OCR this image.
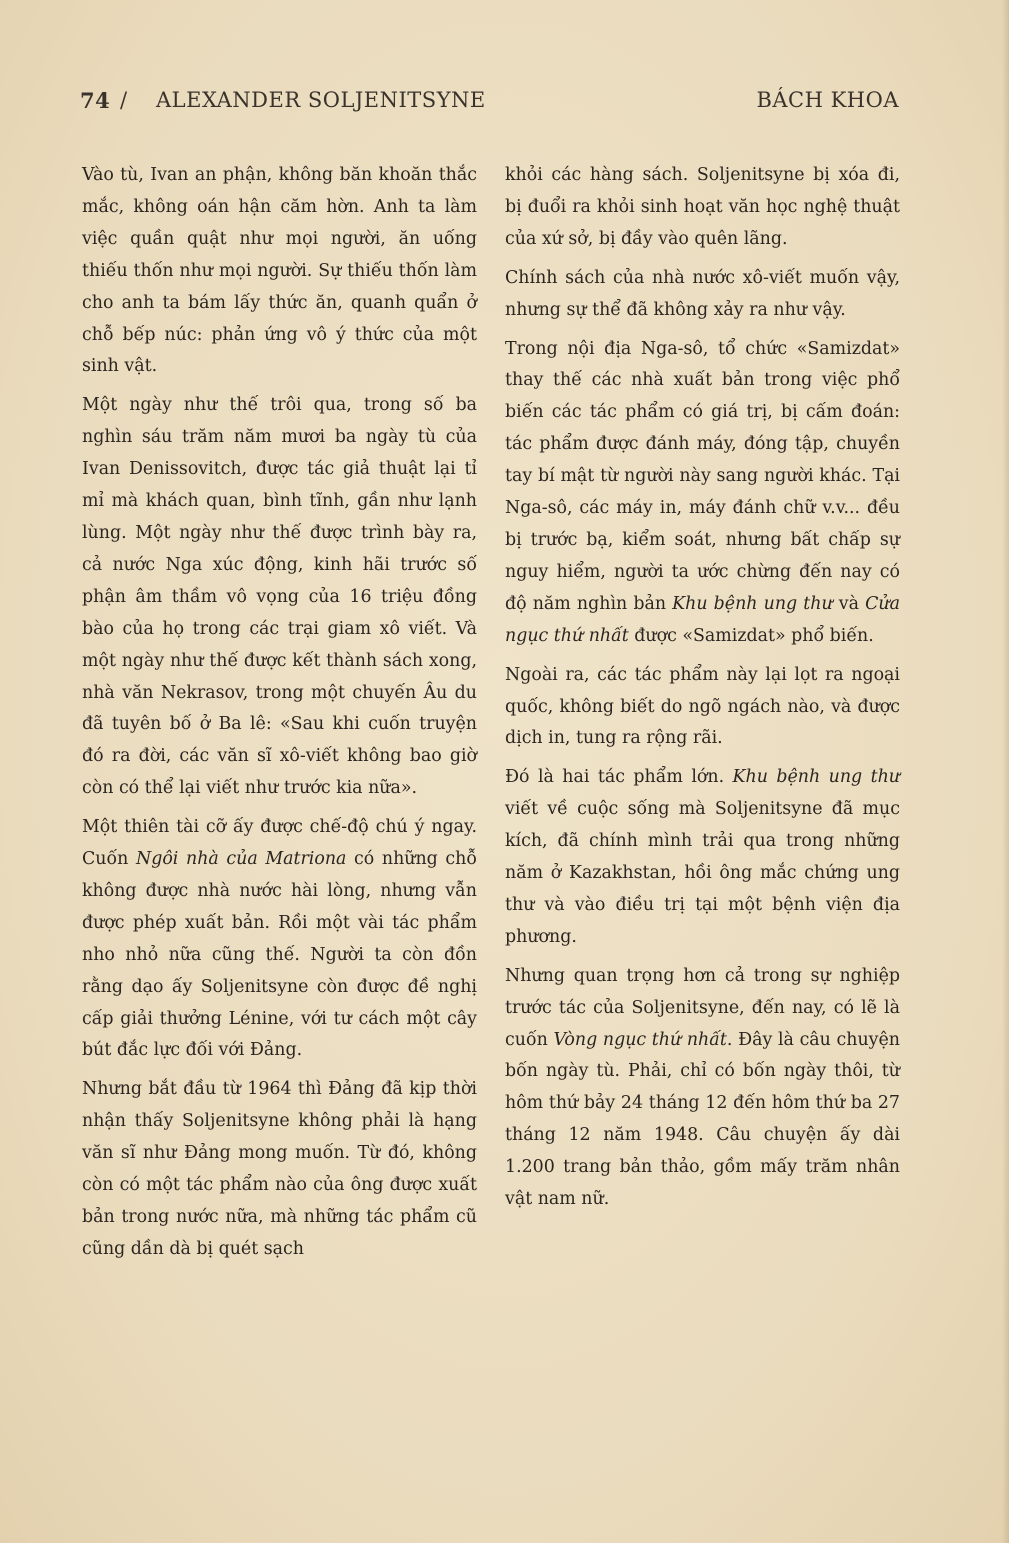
74 / ALEXANDER SOLJENITSYNE	BÁCH KHOA

Vào tù, Ivan an phận, không băn khoăn thắc mắc, không oán hận căm hờn. Anh ta làm việc quần quật như mọi người, ăn uống thiếu thốn như mọi người. Sự thiếu thốn làm cho anh ta bám lấy thức ăn, quanh quẩn ở chỗ bếp núc: phản ứng vô ý thức của một sinh vật.

Một ngày như thế trôi qua, trong số ba nghìn sáu trăm năm mươi ba ngày tù của Ivan Denissovitch, được tác giả thuật lại tỉ mỉ mà khách quan, bình tĩnh, gần như lạnh lùng. Một ngày như thế được trình bày ra, cả nước Nga xúc động, kinh hãi trước số phận âm thầm vô vọng của 16 triệu đồng bào của họ trong các trại giam xô viết. Và một ngày như thế được kết thành sách xong, nhà văn Nekrasov, trong một chuyến Âu du đã tuyên bố ở Ba lê: «Sau khi cuốn truyện đó ra đời, các văn sĩ xô-viết không bao giờ còn có thể lại viết như trước kia nữa».

Một thiên tài cỡ ấy được chế-độ chú ý ngay. Cuốn Ngôi nhà của Matriona có những chỗ không được nhà nước hài lòng, nhưng vẫn được phép xuất bản. Rồi một vài tác phẩm nho nhỏ nữa cũng thế. Người ta còn đồn rằng dạo ấy Soljenitsyne còn được đề nghị cấp giải thưởng Lénine, với tư cách một cây bút đắc lực đối với Đảng.

Nhưng bắt đầu từ 1964 thì Đảng đã kịp thời nhận thấy Soljenitsyne không phải là hạng văn sĩ như Đảng mong muốn. Từ đó, không còn có một tác phẩm nào của ông được xuất bản trong nước nữa, mà những tác phẩm cũ cũng dần dà bị quét sạch

khỏi các hàng sách. Soljenitsyne bị xóa đi, bị đuổi ra khỏi sinh hoạt văn học nghệ thuật của xứ sở, bị đầy vào quên lãng.

Chính sách của nhà nước xô-viết muốn vậy, nhưng sự thể đã không xảy ra như vậy.

Trong nội địa Nga-sô, tổ chức «Samizdat» thay thế các nhà xuất bản trong việc phổ biến các tác phẩm có giá trị, bị cấm đoán: tác phẩm được đánh máy, đóng tập, chuyền tay bí mật từ người này sang người khác. Tại Nga-sô, các máy in, máy đánh chữ v.v... đều bị trước bạ, kiểm soát, nhưng bất chấp sự nguy hiểm, người ta ước chừng đến nay có độ năm nghìn bản Khu bệnh ung thư và Cửa ngục thứ nhất được «Samizdat» phổ biến.

Ngoài ra, các tác phẩm này lại lọt ra ngoại quốc, không biết do ngõ ngách nào, và được dịch in, tung ra rộng rãi.

Đó là hai tác phẩm lớn. Khu bệnh ung thư viết về cuộc sống mà Soljenitsyne đã mục kích, đã chính mình trải qua trong những năm ở Kazakhstan, hồi ông mắc chứng ung thư và vào điều trị tại một bệnh viện địa phương.

Nhưng quan trọng hơn cả trong sự nghiệp trước tác của Soljenitsyne, đến nay, có lẽ là cuốn Vòng ngục thứ nhất. Đây là câu chuyện bốn ngày tù. Phải, chỉ có bốn ngày thôi, từ hôm thứ bảy 24 tháng 12 đến hôm thứ ba 27 tháng 12 năm 1948. Câu chuyện ấy dài 1.200 trang bản thảo, gồm mấy trăm nhân vật nam nữ.
